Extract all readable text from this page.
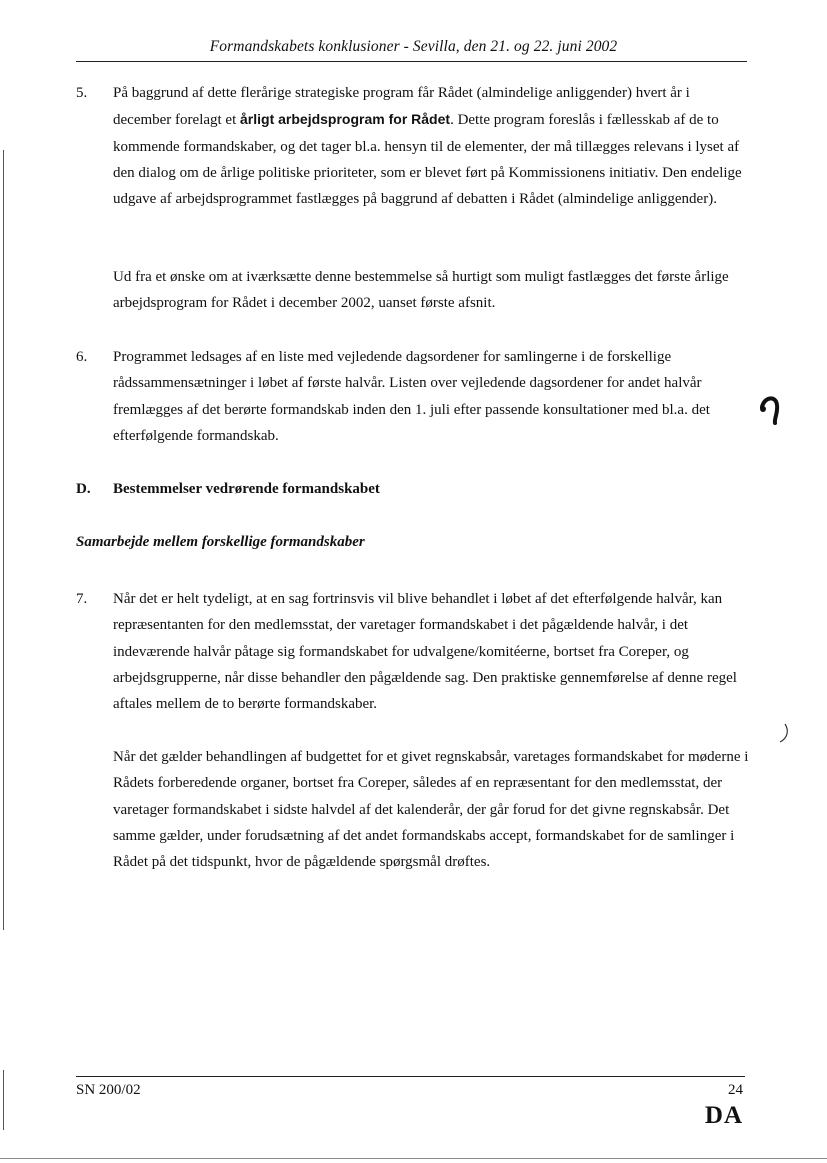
Formandskabets konklusioner - Sevilla, den 21. og 22. juni 2002
5.	På baggrund af dette flerårige strategiske program får Rådet (almindelige anliggender) hvert år i december forelagt et årligt arbejdsprogram for Rådet. Dette program foreslås i fællesskab af de to kommende formandskaber, og det tager bl.a. hensyn til de elementer, der må tillægges relevans i lyset af den dialog om de årlige politiske prioriteter, som er blevet ført på Kommissionens initiativ. Den endelige udgave af arbejdsprogrammet fastlægges på baggrund af debatten i Rådet (almindelige anliggender).
Ud fra et ønske om at iværksætte denne bestemmelse så hurtigt som muligt fastlægges det første årlige arbejdsprogram for Rådet i december 2002, uanset første afsnit.
6.	Programmet ledsages af en liste med vejledende dagsordener for samlingerne i de forskellige rådssammensætninger i løbet af første halvår. Listen over vejledende dagsordener for andet halvår fremlægges af det berørte formandskab inden den 1. juli efter passende konsultationer med bl.a. det efterfølgende formandskab.
D. Bestemmelser vedrørende formandskabet
Samarbejde mellem forskellige formandskaber
7.	Når det er helt tydeligt, at en sag fortrinsvis vil blive behandlet i løbet af det efterfølgende halvår, kan repræsentanten for den medlemsstat, der varetager formandskabet i det pågældende halvår, i det indeværende halvår påtage sig formandskabet for udvalgene/komitéerne, bortset fra Coreper, og arbejdsgrupperne, når disse behandler den pågældende sag. Den praktiske gennemførelse af denne regel aftales mellem de to berørte formandskaber.
Når det gælder behandlingen af budgettet for et givet regnskabsår, varetages formandskabet for møderne i Rådets forberedende organer, bortset fra Coreper, således af en repræsentant for den medlemsstat, der varetager formandskabet i sidste halvdel af det kalenderår, der går forud for det givne regnskabsår. Det samme gælder, under forudsætning af det andet formandskabs accept, formandskabet for de samlinger i Rådet på det tidspunkt, hvor de pågældende spørgsmål drøftes.
SN 200/02	24
DA
